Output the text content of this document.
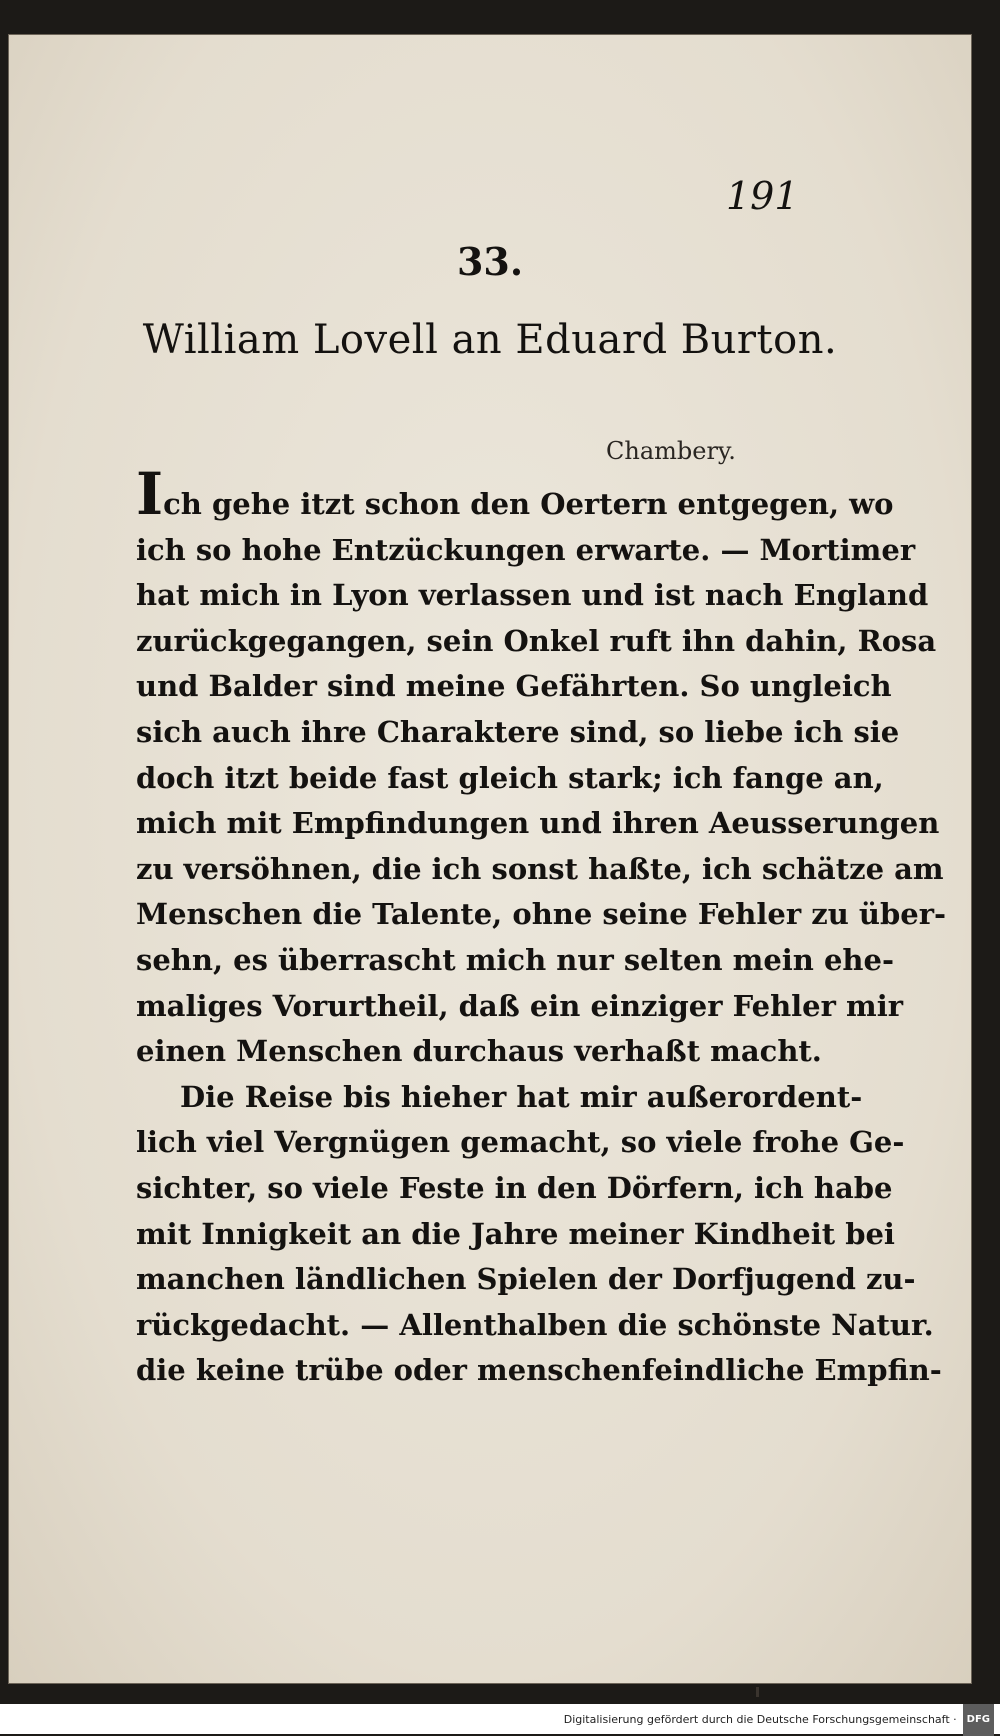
191
33.
William Lovell an Eduard Burton.
Chambery.
Ich gehe itzt schon den Oertern entgegen, wo
ich so hohe Entzückungen erwarte. — Mortimer
hat mich in Lyon verlassen und ist nach England
zurückgegangen, sein Onkel ruft ihn dahin, Rosa
und Balder sind meine Gefährten. So ungleich
sich auch ihre Charaktere sind, so liebe ich sie
doch itzt beide fast gleich stark; ich fange an,
mich mit Empfindungen und ihren Aeusserungen
zu versöhnen, die ich sonst haßte, ich schätze am
Menschen die Talente, ohne seine Fehler zu über-
sehn, es überrascht mich nur selten mein ehe-
maliges Vorurtheil, daß ein einziger Fehler mir
einen Menschen durchaus verhaßt macht.
Die Reise bis hieher hat mir außerordent-
lich viel Vergnügen gemacht, so viele frohe Ge-
sichter, so viele Feste in den Dörfern, ich habe
mit Innigkeit an die Jahre meiner Kindheit bei
manchen ländlichen Spielen der Dorfjugend zu-
rückgedacht. — Allenthalben die schönste Natur.
die keine trübe oder menschenfeindliche Empfin-
Digitalisierung gefördert durch die Deutsche Forschungsgemeinschaft · DFG
